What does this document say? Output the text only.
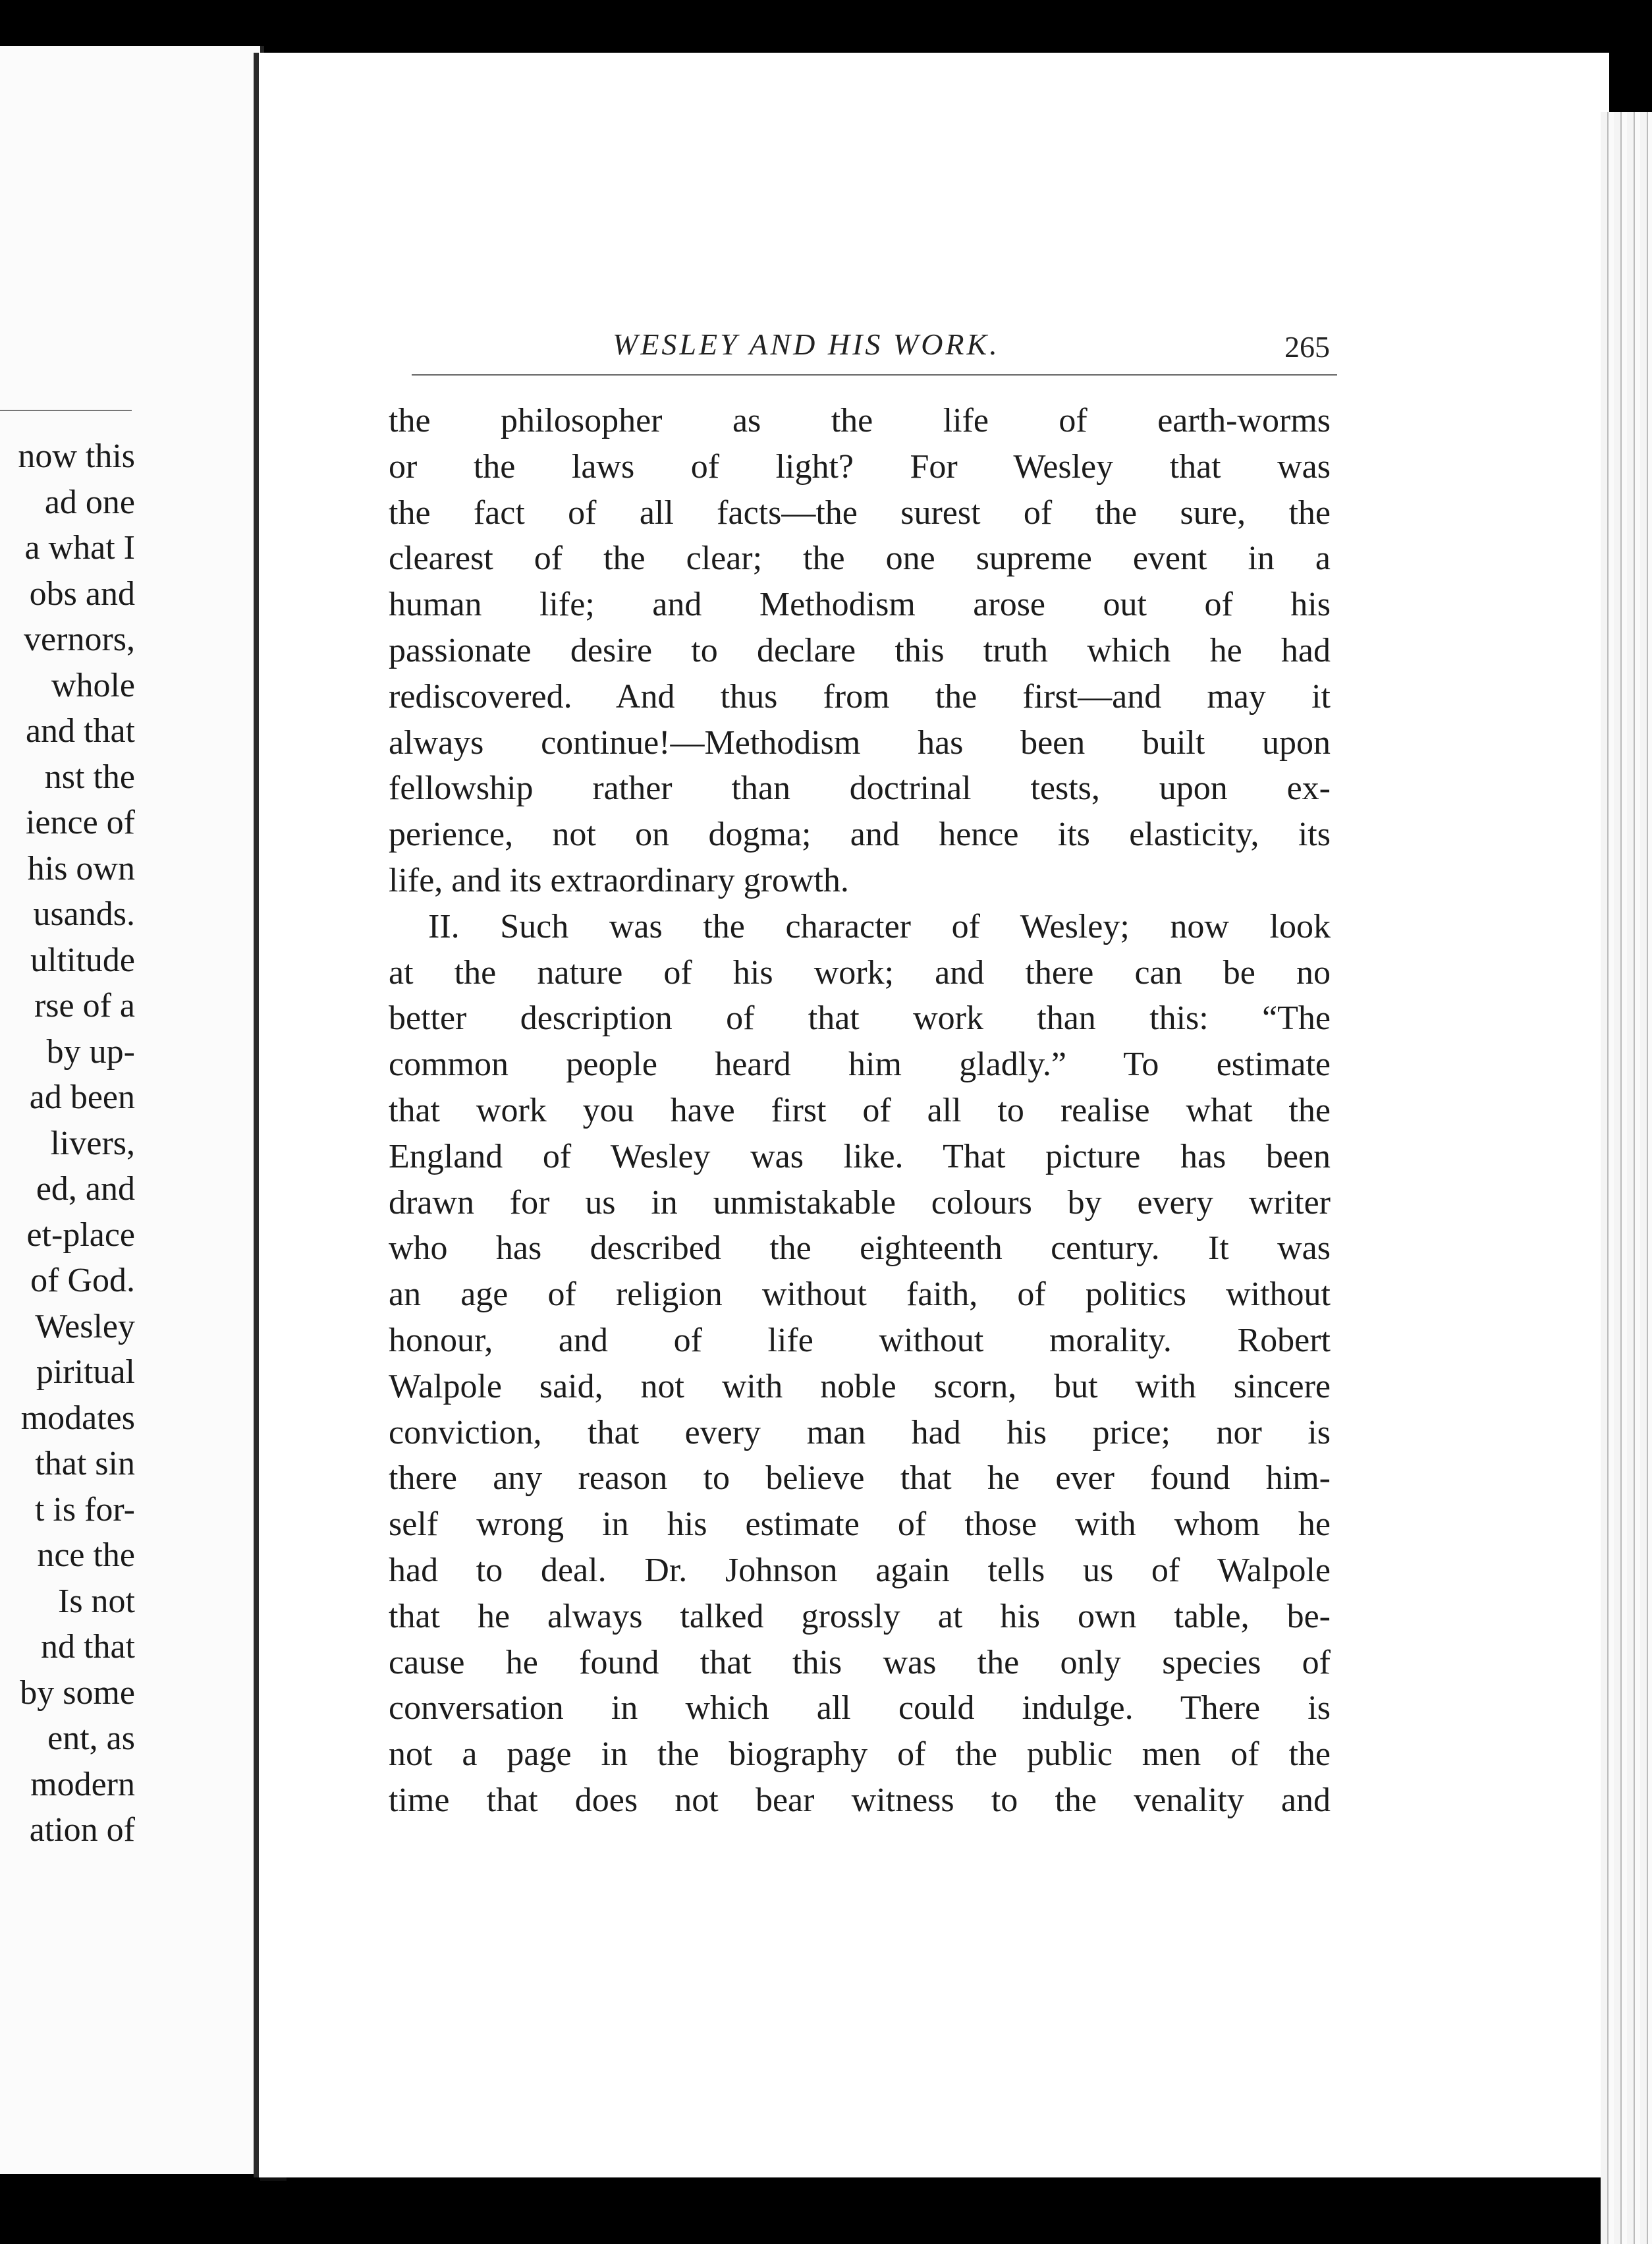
now this
ad one
a what I
obs and
vernors,
whole
and that
nst the
ience of
his own
usands.
ultitude
rse of a
by up-
ad been
livers,
ed, and
et-place
of God.
Wesley
piritual
modates
that sin
t is for-
nce the
Is not
nd that
by some
ent, as
modern
ation of
WESLEY AND HIS WORK.	265
the philosopher as the life of earth-worms
or the laws of light? For Wesley that was
the fact of all facts—the surest of the sure, the
clearest of the clear; the one supreme event in a
human life; and Methodism arose out of his
passionate desire to declare this truth which he had
rediscovered. And thus from the first—and may it
always continue!—Methodism has been built upon
fellowship rather than doctrinal tests, upon ex-
perience, not on dogma; and hence its elasticity, its
life, and its extraordinary growth.
II. Such was the character of Wesley; now look
at the nature of his work; and there can be no
better description of that work than this: “The
common people heard him gladly.” To estimate
that work you have first of all to realise what the
England of Wesley was like. That picture has been
drawn for us in unmistakable colours by every writer
who has described the eighteenth century. It was
an age of religion without faith, of politics without
honour, and of life without morality. Robert
Walpole said, not with noble scorn, but with sincere
conviction, that every man had his price; nor is
there any reason to believe that he ever found him-
self wrong in his estimate of those with whom he
had to deal. Dr. Johnson again tells us of Walpole
that he always talked grossly at his own table, be-
cause he found that this was the only species of
conversation in which all could indulge. There is
not a page in the biography of the public men of the
time that does not bear witness to the venality and
